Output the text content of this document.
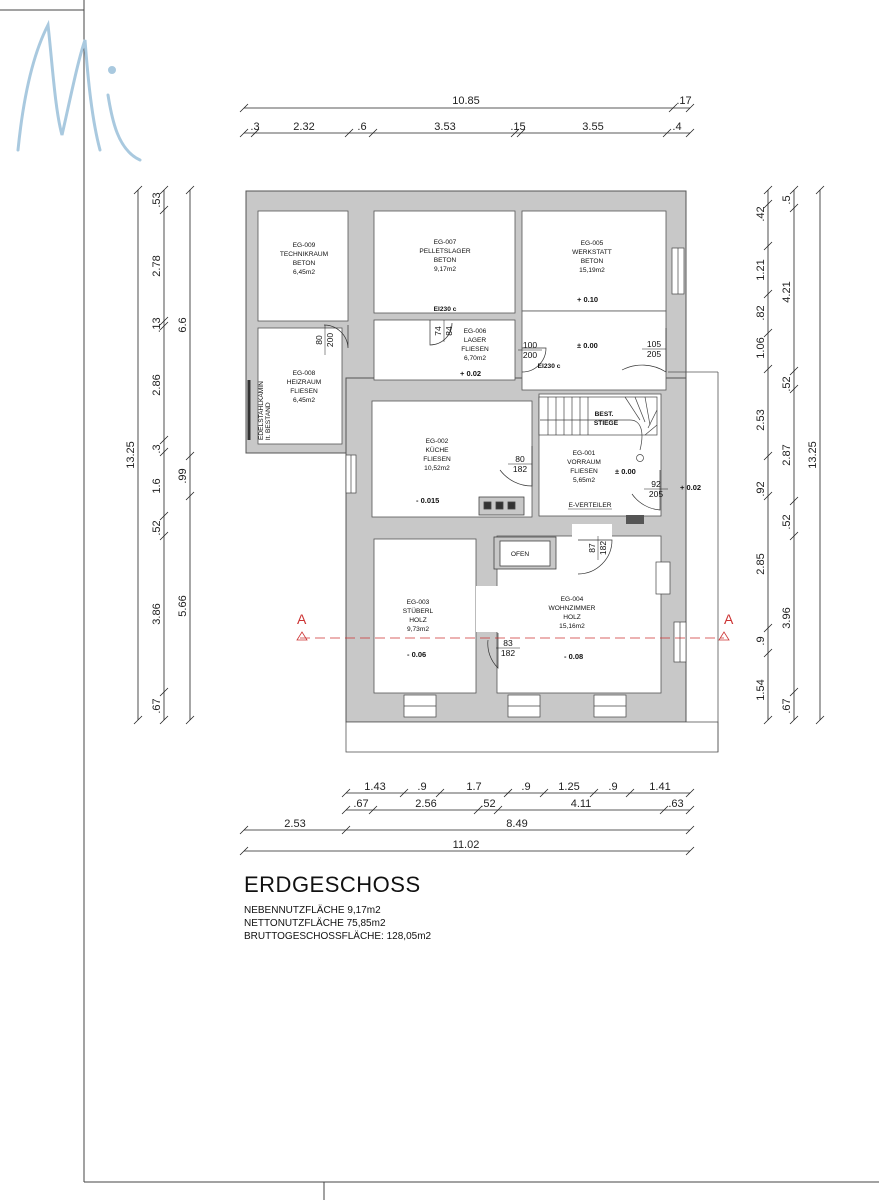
10.85	.17
.3	2.32	.6	3.53	.15	3.55	.4
13.25
.53
2.78
.13
2.86
.3
1.6
.52
3.86
.67
6.6
.99
5.66
.42
1.21
.82
1.06
2.53
.92
2.85
.9
1.54
.5
4.21
.52
2.87
.52
3.96
.67
13.25
EDELSTAHLKAMIN lt. BESTAND
A	A
EG-009
TECHNIKRAUM
BETON
6,45m2
EG-007
PELLETSLAGER
BETON
9,17m2
EG-005
WERKSTATT
BETON
15,19m2
EG-008
HEIZRAUM
FLIESEN
6,45m2
EG-006
LAGER
FLIESEN
6,70m2
EG-002
KÜCHE
FLIESEN
10,52m2
EG-001
VORRAUM
FLIESEN
5,65m2
EG-003
STÜBERL
HOLZ
9,73m2
EG-004
WOHNZIMMER
HOLZ
15,16m2
+ 0.10
± 0.00
+ 0.02
- 0.015
± 0.00
+ 0.02
- 0.06	- 0.08
80 200
74 84
100
200
105
205
80
182
92
205
87 182
83
182
EI230 c
EI230 c
BEST.
STIEGE
E-VERTEILER
OFEN
1.43	.9	1.7	.9	1.25	.9	1.41
.67	2.56	.52	4.11	.63
2.53	8.49
11.02
ERDGESCHOSS
NEBENNUTZFLÄCHE 9,17m2
NETTONUTZFLÄCHE 75,85m2
BRUTTOGESCHOSSFLÄCHE: 128,05m2
